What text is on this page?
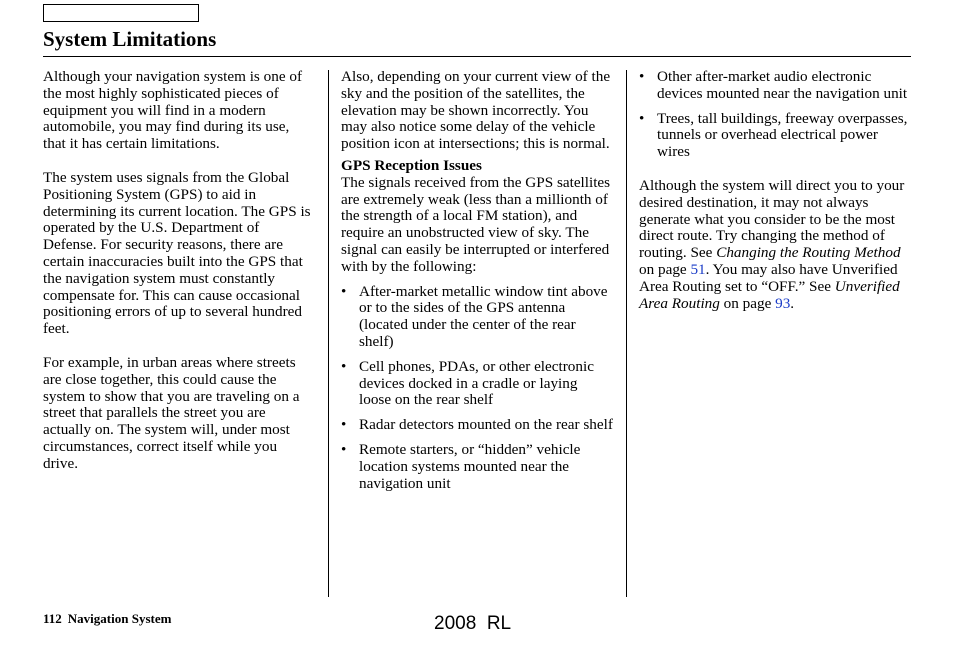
System Limitations

Although your navigation system is one of the most highly sophisticated pieces of equipment you will find in a modern automobile, you may find during its use, that it has certain limitations.

The system uses signals from the Global Positioning System (GPS) to aid in determining its current location. The GPS is operated by the U.S. Department of Defense. For security reasons, there are certain inaccuracies built into the GPS that the navigation system must constantly compensate for. This can cause occasional positioning errors of up to several hundred feet.

For example, in urban areas where streets are close together, this could cause the system to show that you are traveling on a street that parallels the street you are actually on. The system will, under most circumstances, correct itself while you drive.

Also, depending on your current view of the sky and the position of the satellites, the elevation may be shown incorrectly. You may also notice some delay of the vehicle position icon at intersections; this is normal.

GPS Reception Issues

The signals received from the GPS satellites are extremely weak (less than a millionth of the strength of a local FM station), and require an unobstructed view of sky. The signal can easily be interrupted or interfered with by the following:

• After-market metallic window tint above or to the sides of the GPS antenna (located under the center of the rear shelf)
• Cell phones, PDAs, or other electronic devices docked in a cradle or laying loose on the rear shelf
• Radar detectors mounted on the rear shelf
• Remote starters, or “hidden” vehicle location systems mounted near the navigation unit
• Other after-market audio electronic devices mounted near the navigation unit
• Trees, tall buildings, freeway overpasses, tunnels or overhead electrical power wires

Although the system will direct you to your desired destination, it may not always generate what you consider to be the most direct route. Try changing the method of routing. See Changing the Routing Method on page 51. You may also have Unverified Area Routing set to “OFF.” See Unverified Area Routing on page 93.

112 Navigation System	2008  RL
